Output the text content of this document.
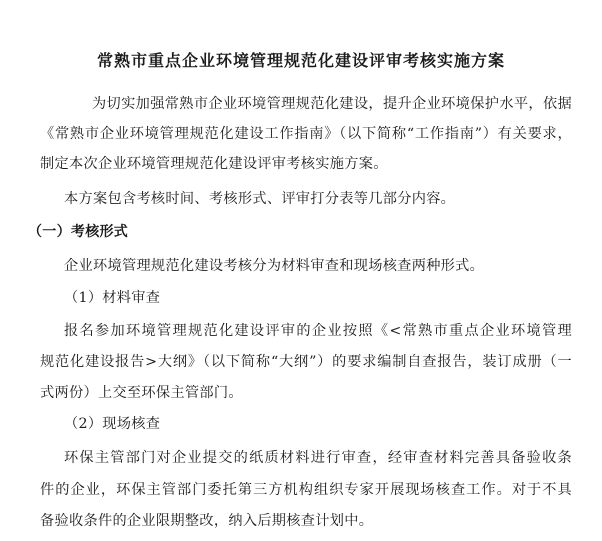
常熟市重点企业环境管理规范化建设评审考核实施方案
为切实加强常熟市企业环境管理规范化建设，提升企业环境保护水平，依据
《常熟市企业环境管理规范化建设工作指南》（以下简称“工作指南”）有关要求，
制定本次企业环境管理规范化建设评审考核实施方案。
本方案包含考核时间、考核形式、评审打分表等几部分内容。
（一）考核形式
企业环境管理规范化建设考核分为材料审查和现场核查两种形式。
（1）材料审查
报名参加环境管理规范化建设评审的企业按照《<常熟市重点企业环境管理
规范化建设报告>大纲》（以下简称“大纲”）的要求编制自查报告，装订成册（一
式两份）上交至环保主管部门。
（2）现场核查
环保主管部门对企业提交的纸质材料进行审查，经审查材料完善具备验收条
件的企业，环保主管部门委托第三方机构组织专家开展现场核查工作。对于不具
备验收条件的企业限期整改，纳入后期核查计划中。
